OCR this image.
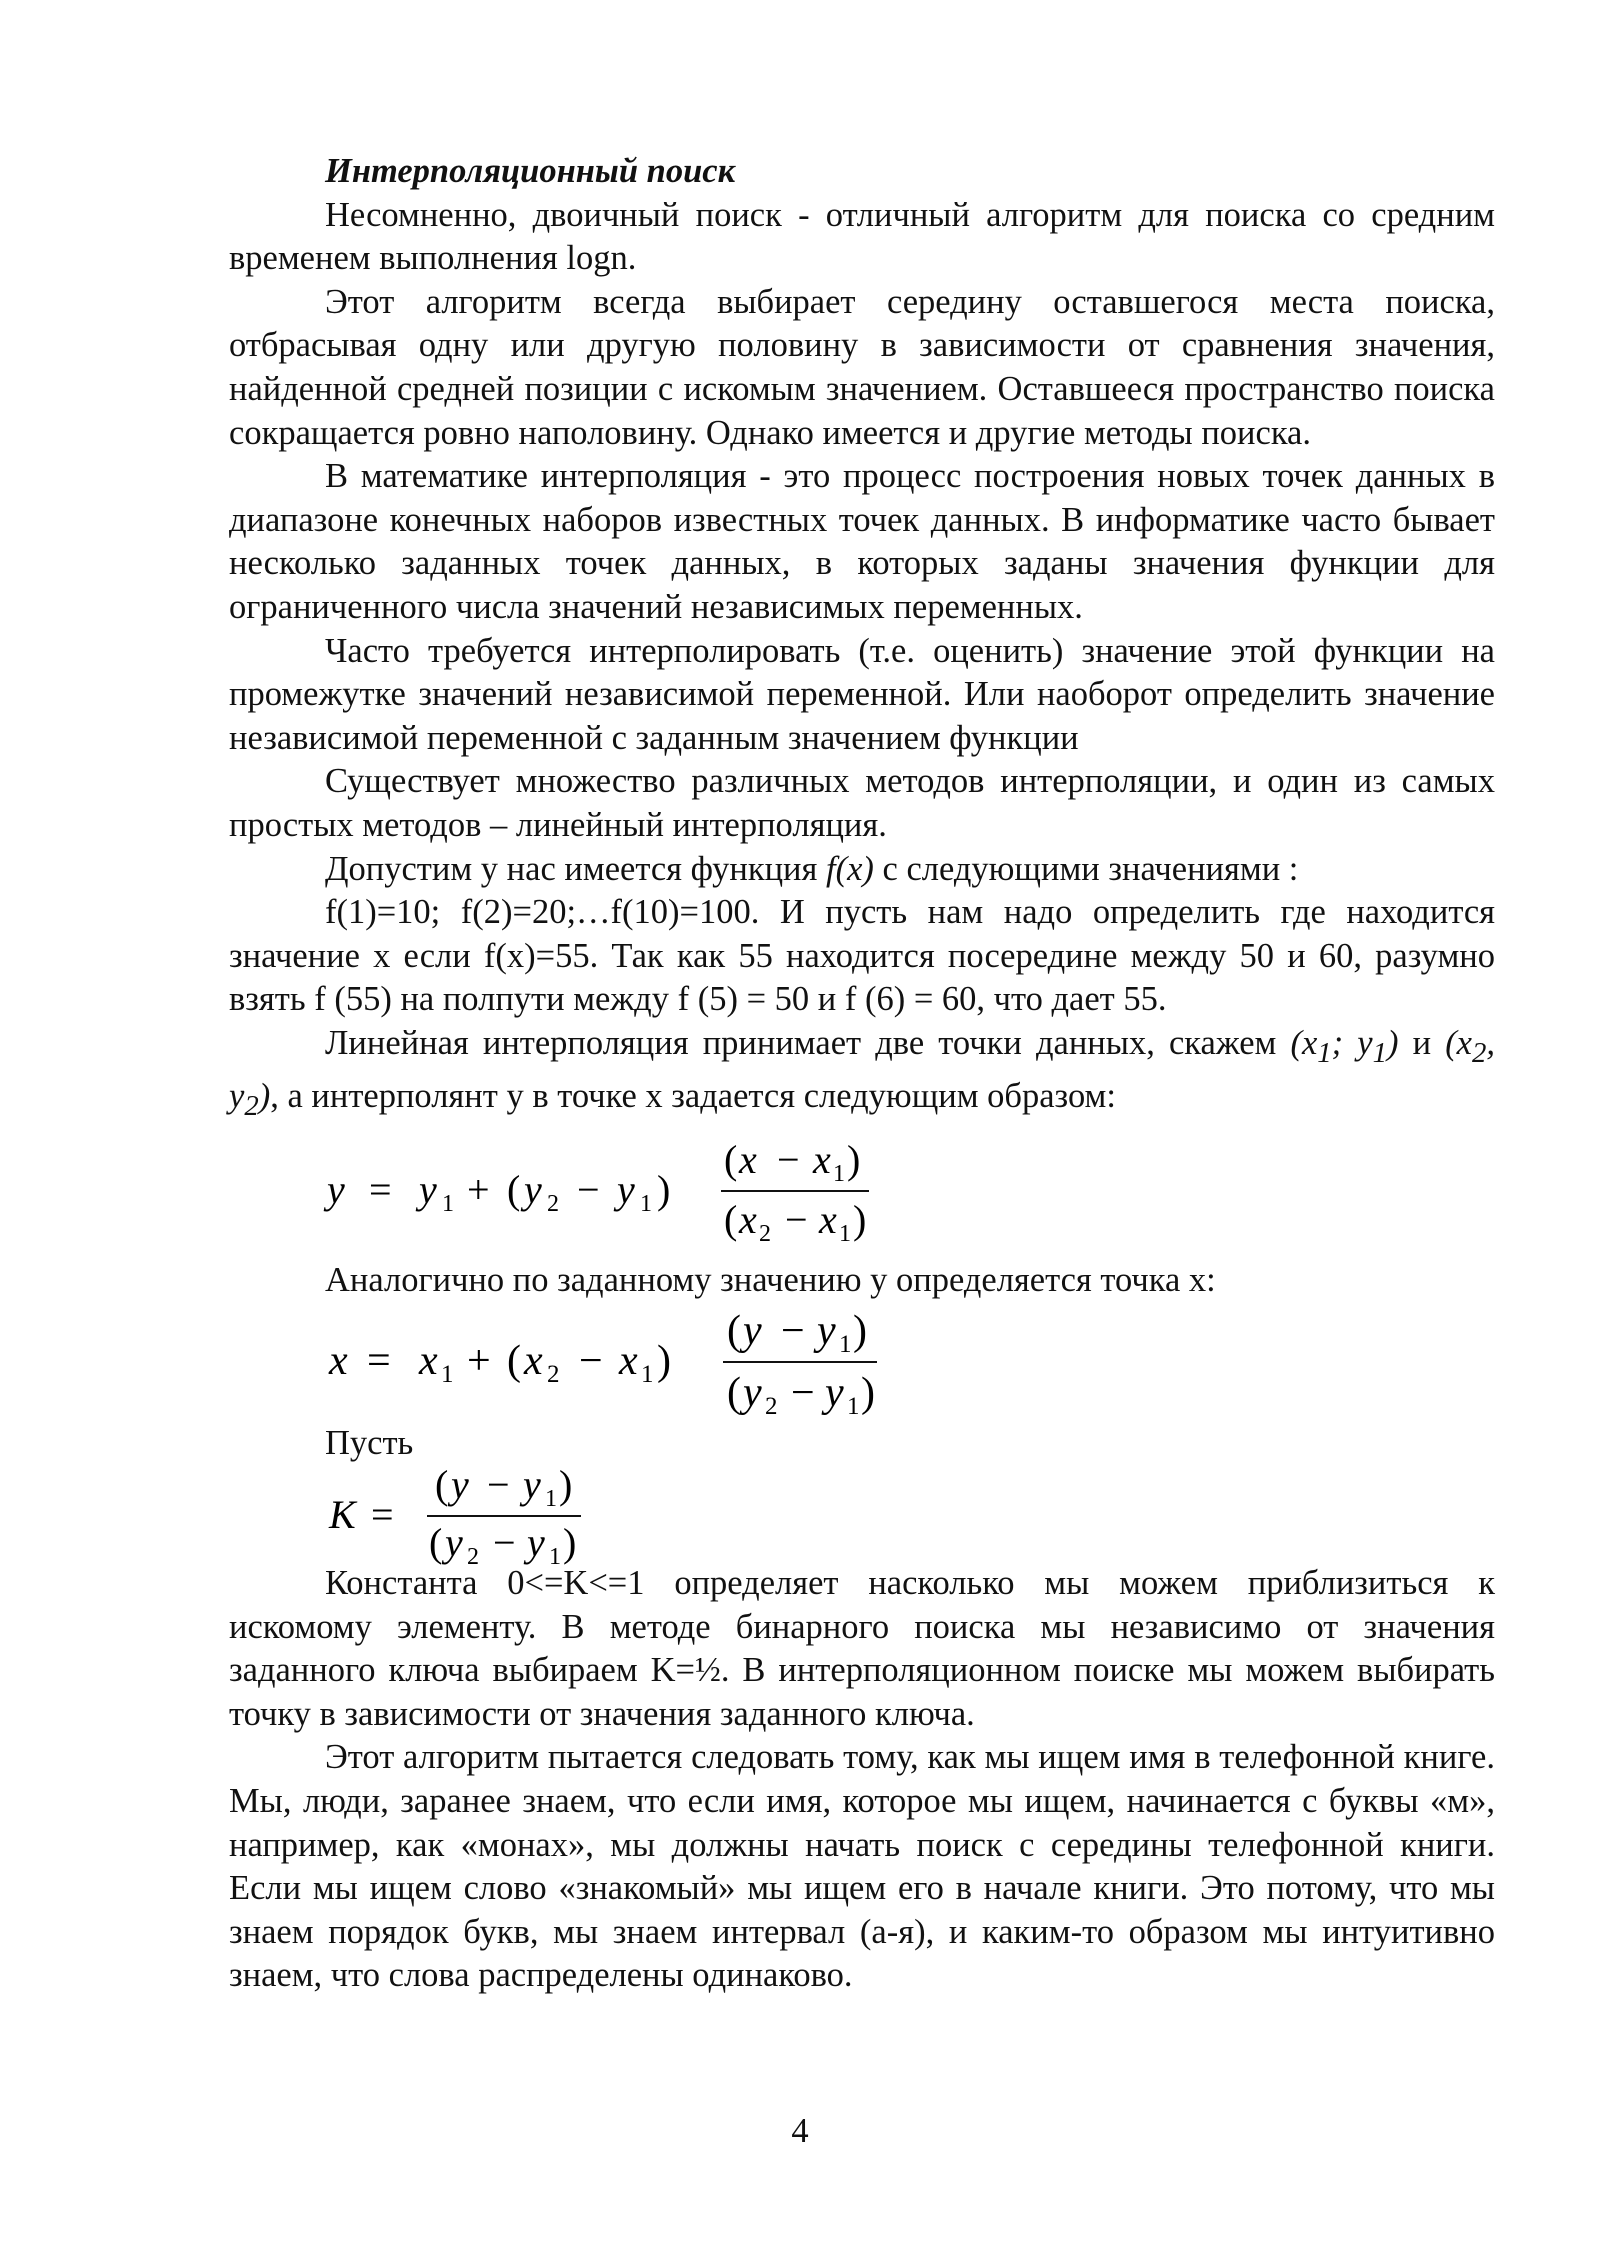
Интерполяционный поиск

Несомненно, двоичный поиск - отличный алгоритм для поиска со средним временем выполнения logn.

Этот алгоритм всегда выбирает середину оставшегося места поиска, отбрасывая одну или другую половину в зависимости от сравнения значения, найденной средней позиции с искомым значением. Оставшееся пространство поиска сокращается ровно наполовину. Однако имеется и другие методы поиска.

В математике интерполяция - это процесс построения новых точек данных в диапазоне конечных наборов известных точек данных. В информатике часто бывает несколько заданных точек данных, в которых заданы значения функции для ограниченного числа значений независимых переменных.

Часто требуется интерполировать (т.е. оценить) значение этой функции на промежутке значений независимой переменной. Или наоборот определить значение независимой переменной с заданным значением функции

Существует множество различных методов интерполяции, и один из самых простых методов – линейный интерполяция.

Допустим у нас имеется функция f(x) с следующими значениями :

f(1)=10; f(2)=20;…f(10)=100. И пусть нам надо определить где находится значение х если f(x)=55. Так как 55 находится посередине между 50 и 60, разумно взять f (55) на полпути между f (5) = 50 и f (6) = 60, что дает 55.

Линейная интерполяция принимает две точки данных, скажем ($x_1$; $y_1$) и ($x_2$, $y_2$), а интерполянт у в точке х задается следующим образом:

y = y 1 + ( y 2 − y 1 )
( x − x 1 )
( x 2 − x 1 )

Аналогично по заданному значению у определяется точка х:

x = x 1 + ( x 2 − x 1 )
( y − y 1 )
( y 2 − y 1 )

Пусть

K =
( y − y 1 )
( y 2 − y 1 )

Константа 0<=K<=1 определяет насколько мы можем приблизиться к искомому элементу. В методе бинарного поиска мы независимо от значения заданного ключа выбираем K=½. В интерполяционном поиске мы можем выбирать точку в зависимости от значения заданного ключа.

Этот алгоритм пытается следовать тому, как мы ищем имя в телефонной книге. Мы, люди, заранее знаем, что если имя, которое мы ищем, начинается с буквы «м», например, как «монах», мы должны начать поиск с середины телефонной книги. Если мы ищем слово «знакомый» мы ищем его в начале книги. Это потому, что мы знаем порядок букв, мы знаем интервал (а-я), и каким-то образом мы интуитивно знаем, что слова распределены одинаково.

4
